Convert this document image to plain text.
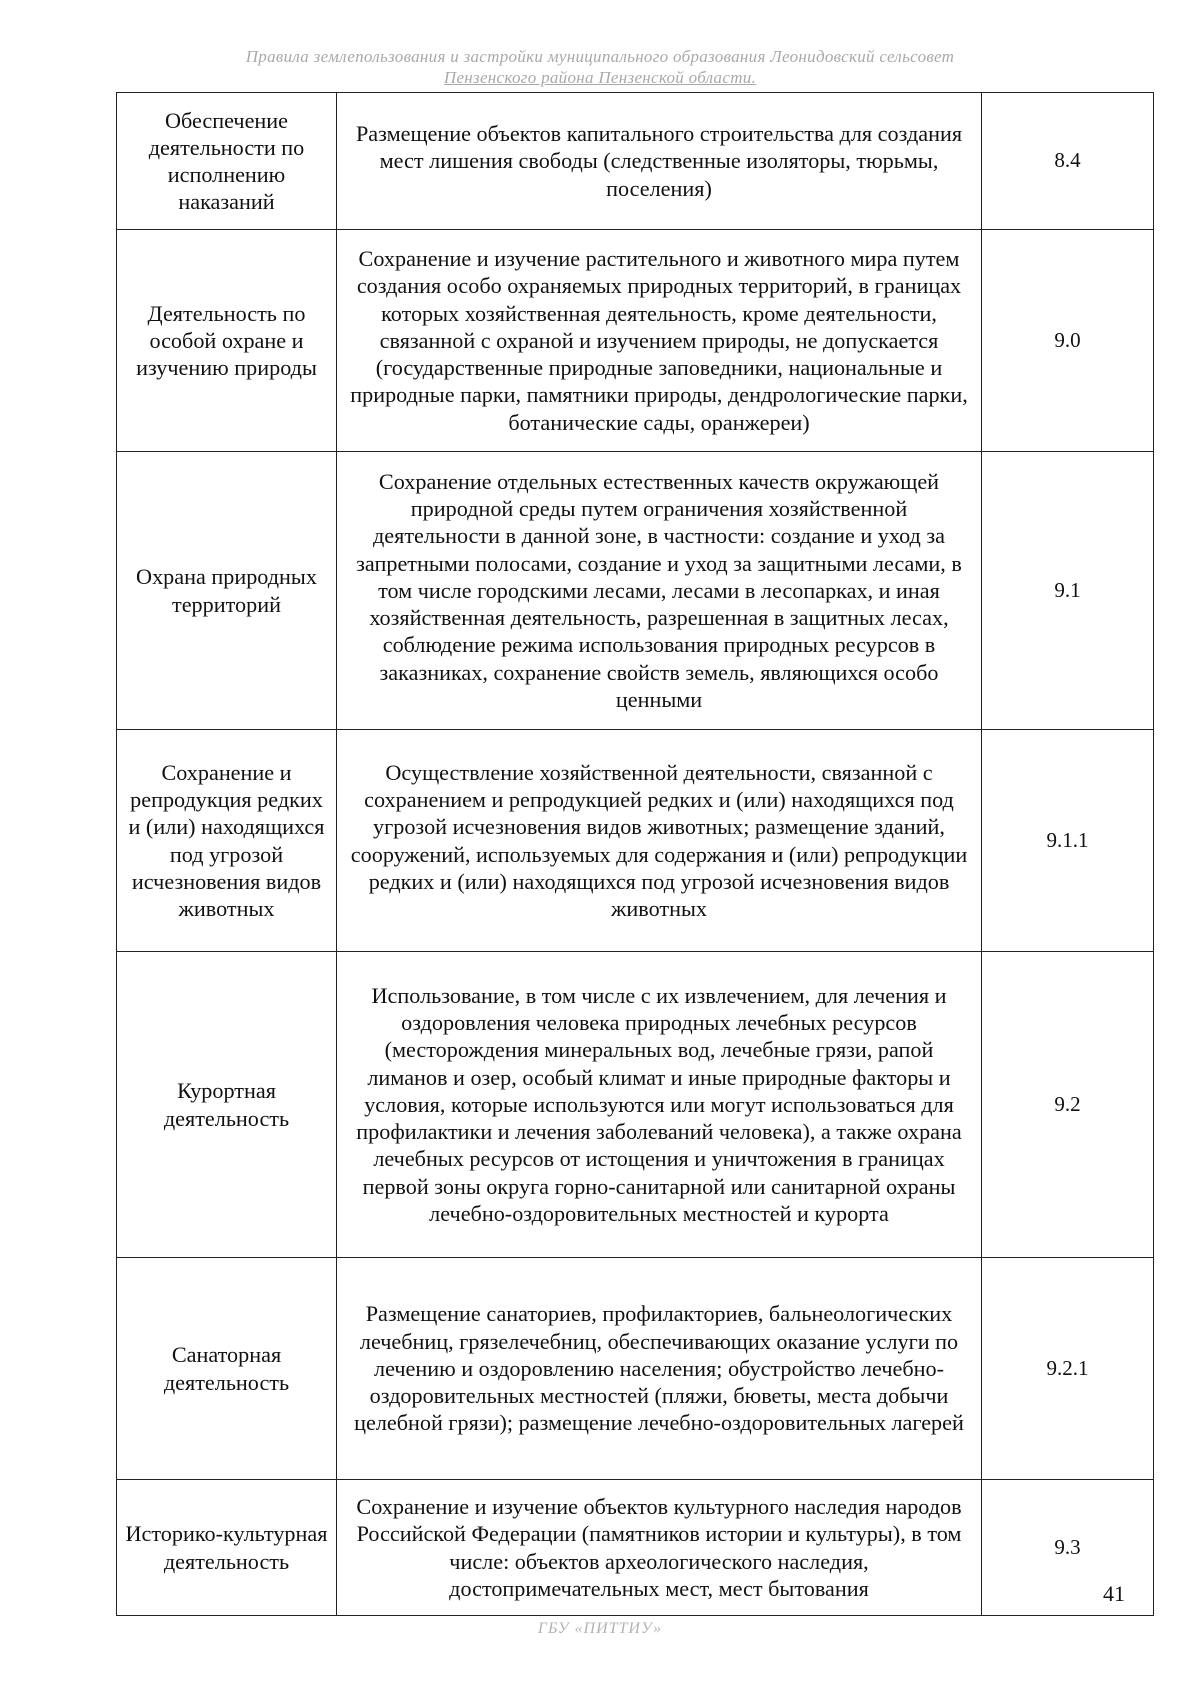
Правила землепользования и застройки муниципального образования Леонидовский сельсовет
Пензенского района Пензенской области.
Обеспечение деятельности по исполнению наказаний	Размещение объектов капитального строительства для создания мест лишения свободы (следственные изоляторы, тюрьмы, поселения)	8.4
Деятельность по особой охране и изучению природы	Сохранение и изучение растительного и животного мира путем создания особо охраняемых природных территорий, в границах которых хозяйственная деятельность, кроме деятельности, связанной с охраной и изучением природы, не допускается (государственные природные заповедники, национальные и природные парки, памятники природы, дендрологические парки, ботанические сады, оранжереи)	9.0
Охрана природных территорий	Сохранение отдельных естественных качеств окружающей природной среды путем ограничения хозяйственной деятельности в данной зоне, в частности: создание и уход за запретными полосами, создание и уход за защитными лесами, в том числе городскими лесами, лесами в лесопарках, и иная хозяйственная деятельность, разрешенная в защитных лесах, соблюдение режима использования природных ресурсов в заказниках, сохранение свойств земель, являющихся особо ценными	9.1
Сохранение и репродукция редких и (или) находящихся под угрозой исчезновения видов животных	Осуществление хозяйственной деятельности, связанной с сохранением и репродукцией редких и (или) находящихся под угрозой исчезновения видов животных; размещение зданий, сооружений, используемых для содержания и (или) репродукции редких и (или) находящихся под угрозой исчезновения видов животных	9.1.1
Курортная деятельность	Использование, в том числе с их извлечением, для лечения и оздоровления человека природных лечебных ресурсов (месторождения минеральных вод, лечебные грязи, рапой лиманов и озер, особый климат и иные природные факторы и условия, которые используются или могут использоваться для профилактики и лечения заболеваний человека), а также охрана лечебных ресурсов от истощения и уничтожения в границах первой зоны округа горно-санитарной или санитарной охраны лечебно-оздоровительных местностей и курорта	9.2
Санаторная деятельность	Размещение санаториев, профилакториев, бальнеологических лечебниц, грязелечебниц, обеспечивающих оказание услуги по лечению и оздоровлению населения; обустройство лечебно-оздоровительных местностей (пляжи, бюветы, места добычи целебной грязи); размещение лечебно-оздоровительных лагерей	9.2.1
Историко-культурная деятельность	Сохранение и изучение объектов культурного наследия народов Российской Федерации (памятников истории и культуры), в том числе: объектов археологического наследия, достопримечательных мест, мест бытования	9.3
41
ГБУ «ПИТТИУ»
